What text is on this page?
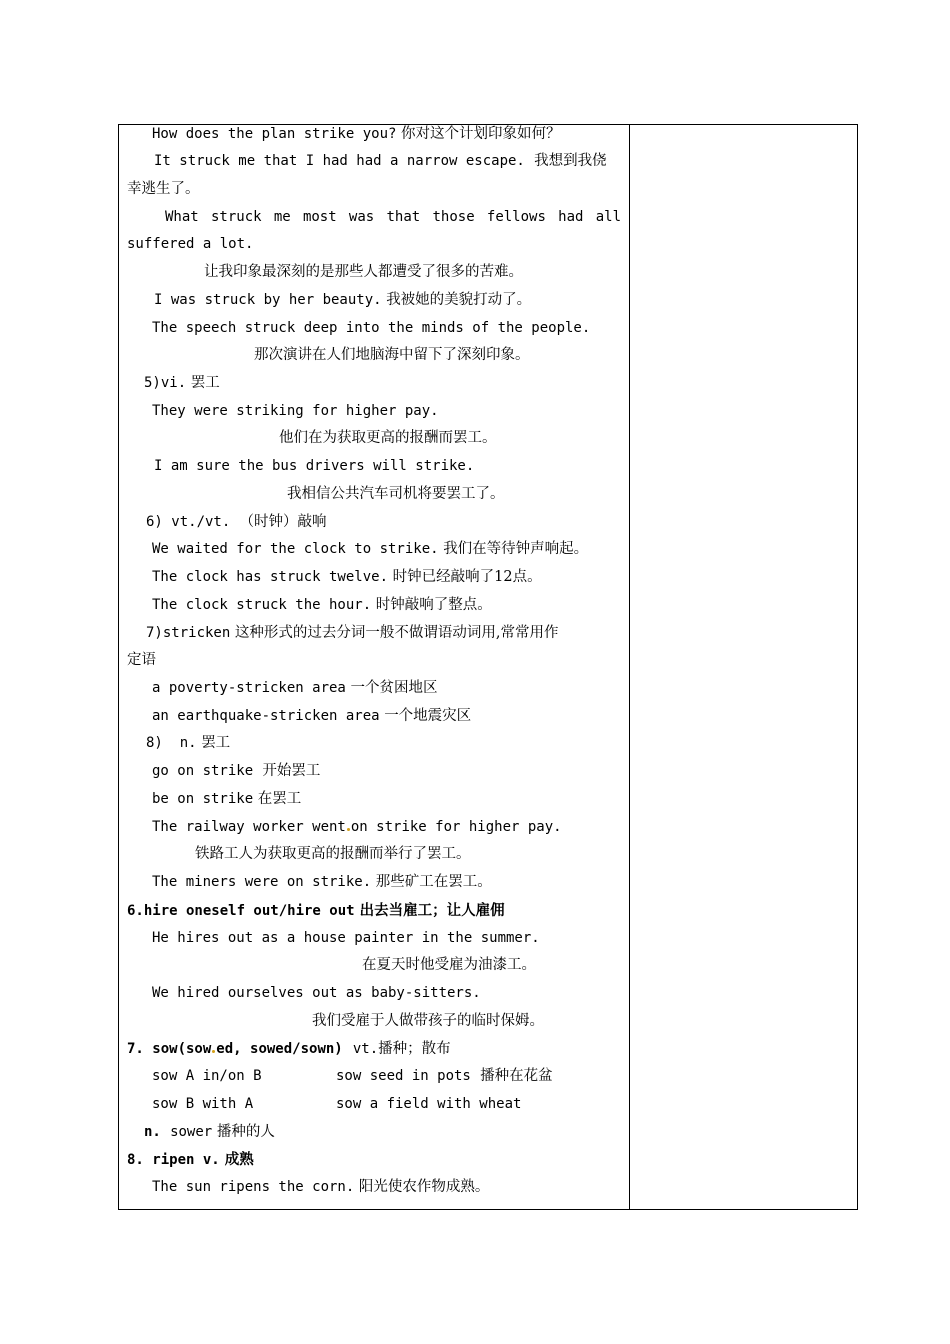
How does the plan strike you? 你对这个计划印象如何？
It struck me that I had had a narrow escape. 我想到我侥
幸逃生了。
What struck me most was that those fellows had all
suffered a lot.
让我印象最深刻的是那些人都遭受了很多的苦难。
I was struck by her beauty. 我被她的美貌打动了。
The speech struck deep into the minds of the people.
那次演讲在人们地脑海中留下了深刻印象。
5)vi. 罢工
They were striking for higher pay.
他们在为获取更高的报酬而罢工。
I am sure the bus drivers will strike.
我相信公共汽车司机将要罢工了。
6) vt./vt. （时钟）敲响
We waited for the clock to strike. 我们在等待钟声响起。
The clock has struck twelve. 时钟已经敲响了12点。
The clock struck the hour. 时钟敲响了整点。
7)stricken 这种形式的过去分词一般不做谓语动词用,常常用作
定语
a poverty-stricken area 一个贫困地区
an earthquake-stricken area 一个地震灾区
8)  n. 罢工
go on strike 开始罢工
be on strike 在罢工
The railway worker went on strike for higher pay.
铁路工人为获取更高的报酬而举行了罢工。
The miners were on strike. 那些矿工在罢工。
6.hire oneself out/hire out 出去当雇工；让人雇佣
He hires out as a house painter in the summer.
在夏天时他受雇为油漆工。
We hired ourselves out as baby-sitters.
我们受雇于人做带孩子的临时保姆。
7. sow(sow ed, sowed/sown) vt.播种；散布
sow A in/on B	sow seed in pots 播种在花盆
sow B with A	sow a field with wheat
n. sower 播种的人
8. ripen v. 成熟
The sun ripens the corn. 阳光使农作物成熟。
